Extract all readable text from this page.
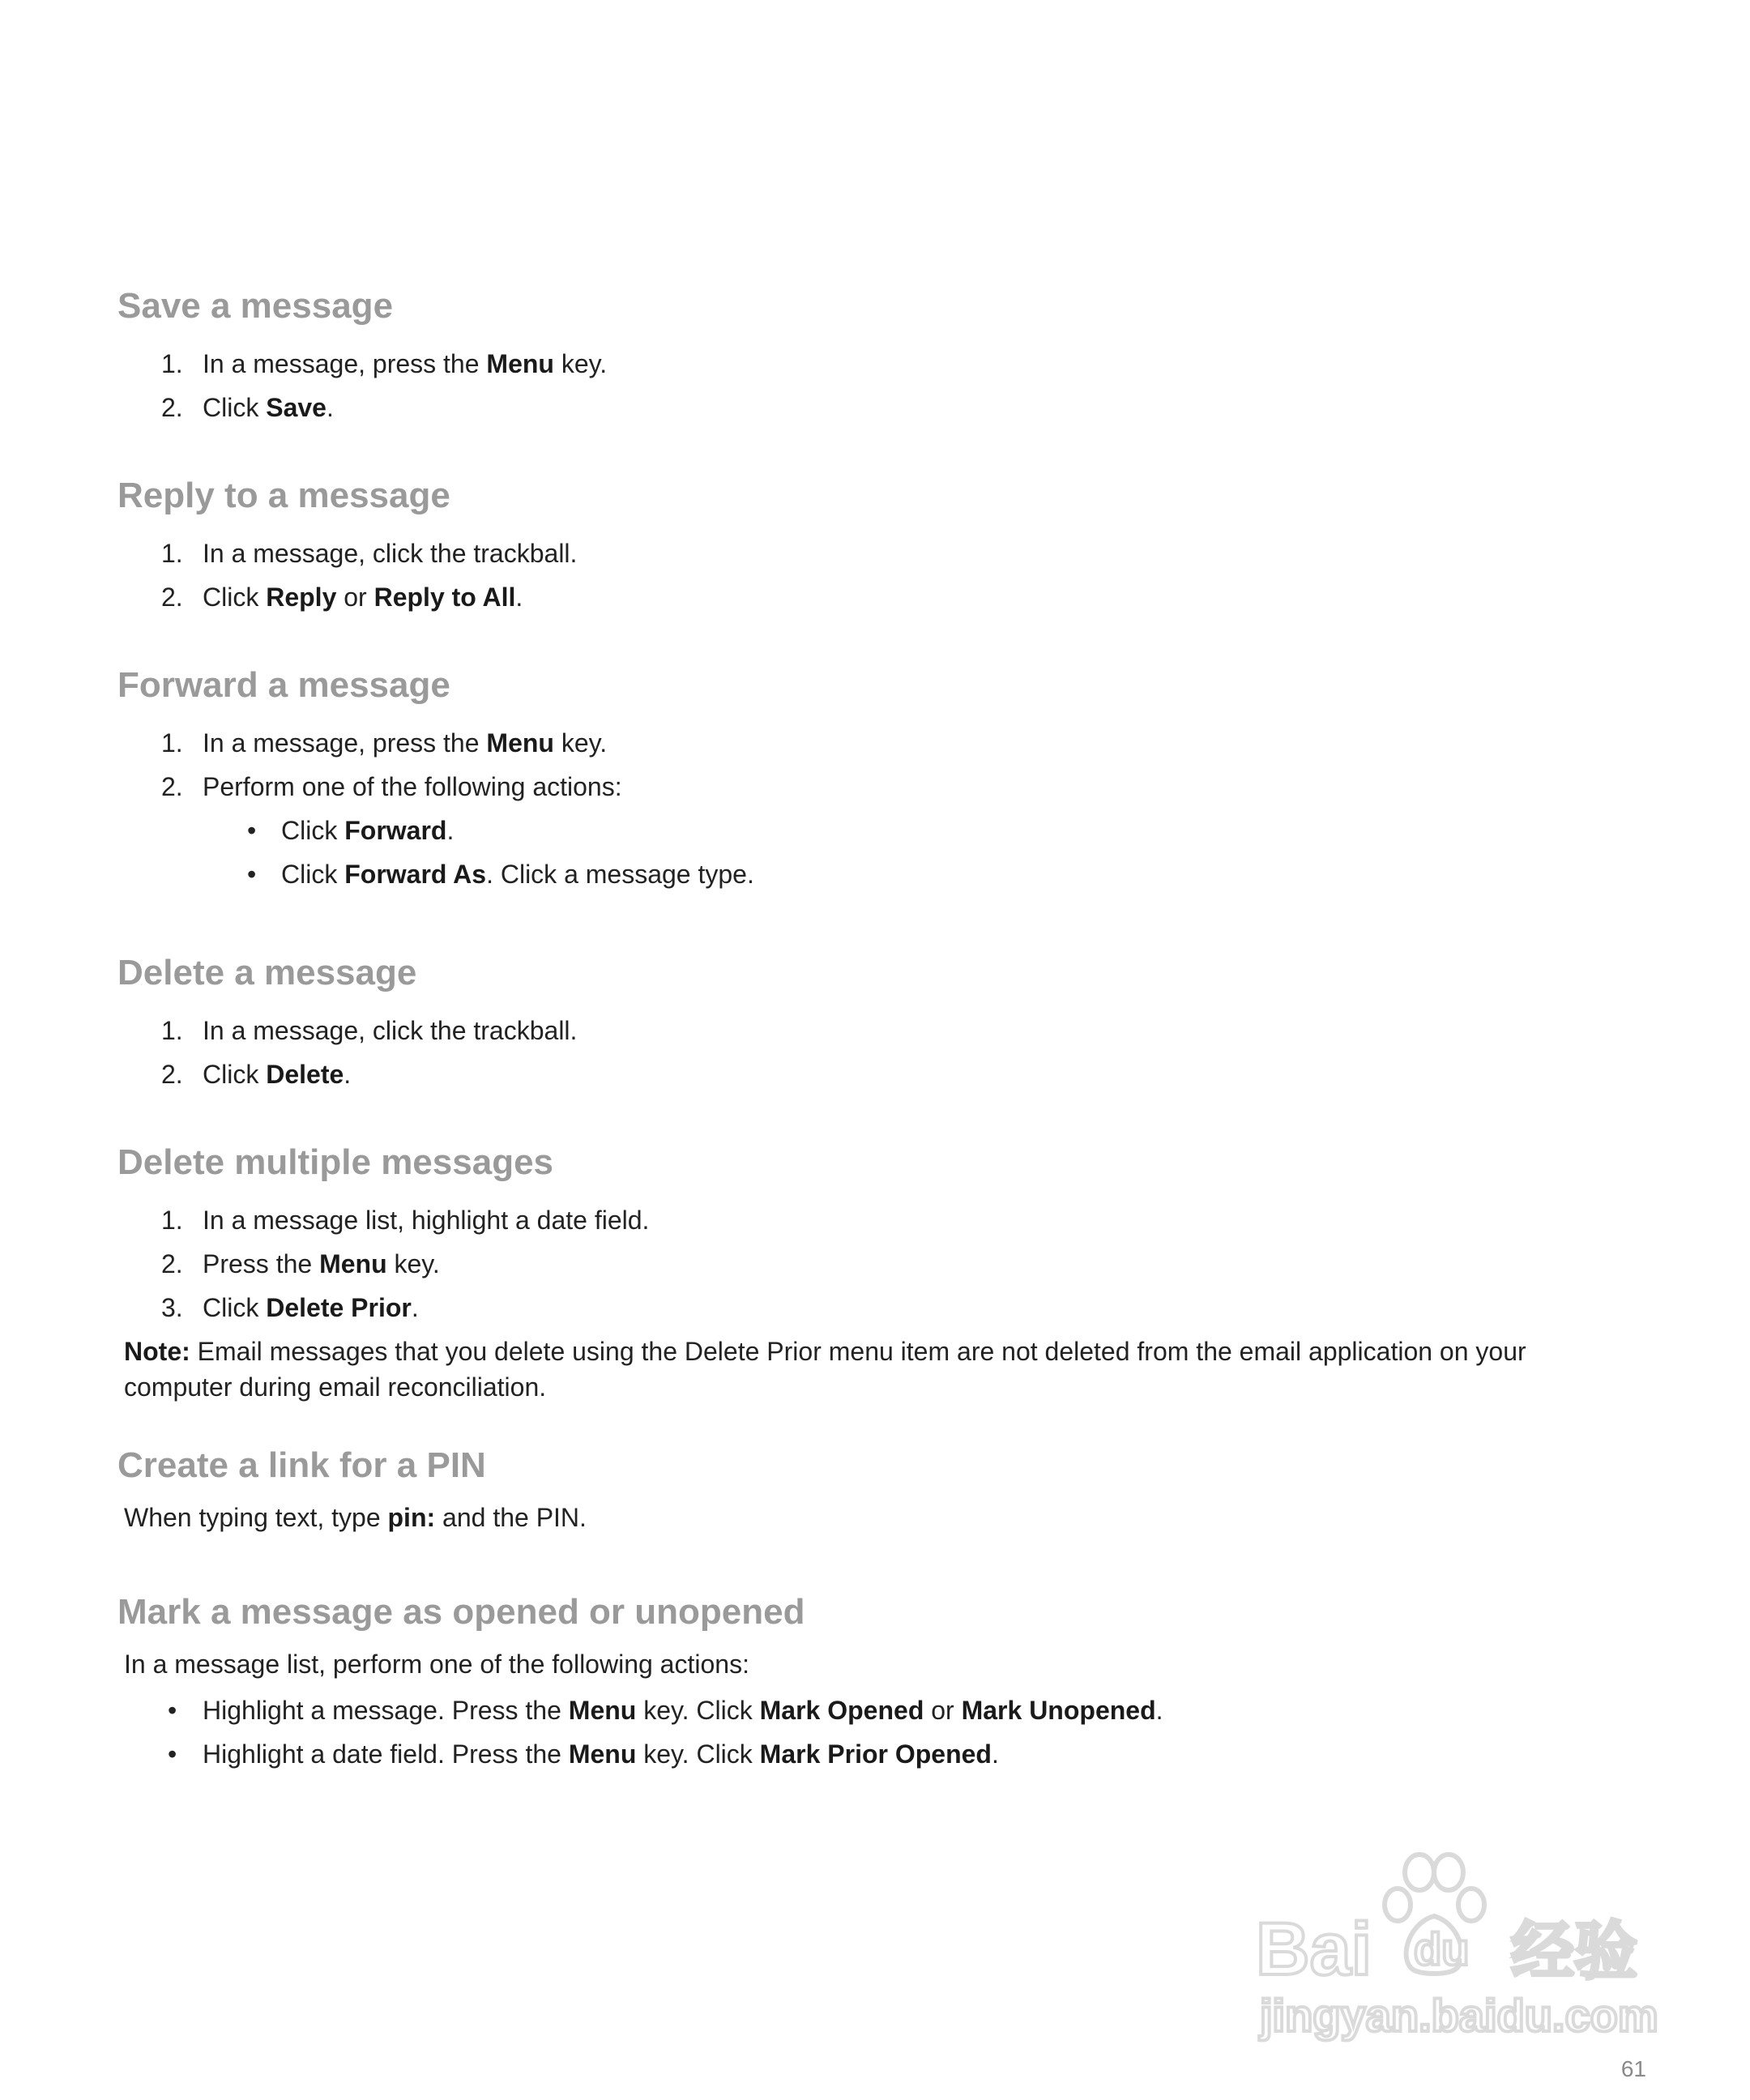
Save a message
1. In a message, press the Menu key.
2. Click Save.
Reply to a message
1. In a message, click the trackball.
2. Click Reply or Reply to All.
Forward a message
1. In a message, press the Menu key.
2. Perform one of the following actions:
• Click Forward.
• Click Forward As. Click a message type.
Delete a message
1. In a message, click the trackball.
2. Click Delete.
Delete multiple messages
1. In a message list, highlight a date field.
2. Press the Menu key.
3. Click Delete Prior.
Note: Email messages that you delete using the Delete Prior menu item are not deleted from the email application on your computer during email reconciliation.
Create a link for a PIN
When typing text, type pin: and the PIN.
Mark a message as opened or unopened
In a message list, perform one of the following actions:
• Highlight a message. Press the Menu key. Click Mark Opened or Mark Unopened.
• Highlight a date field. Press the Menu key. Click Mark Prior Opened.
Bai du 经验
jingyan.baidu.com
61
